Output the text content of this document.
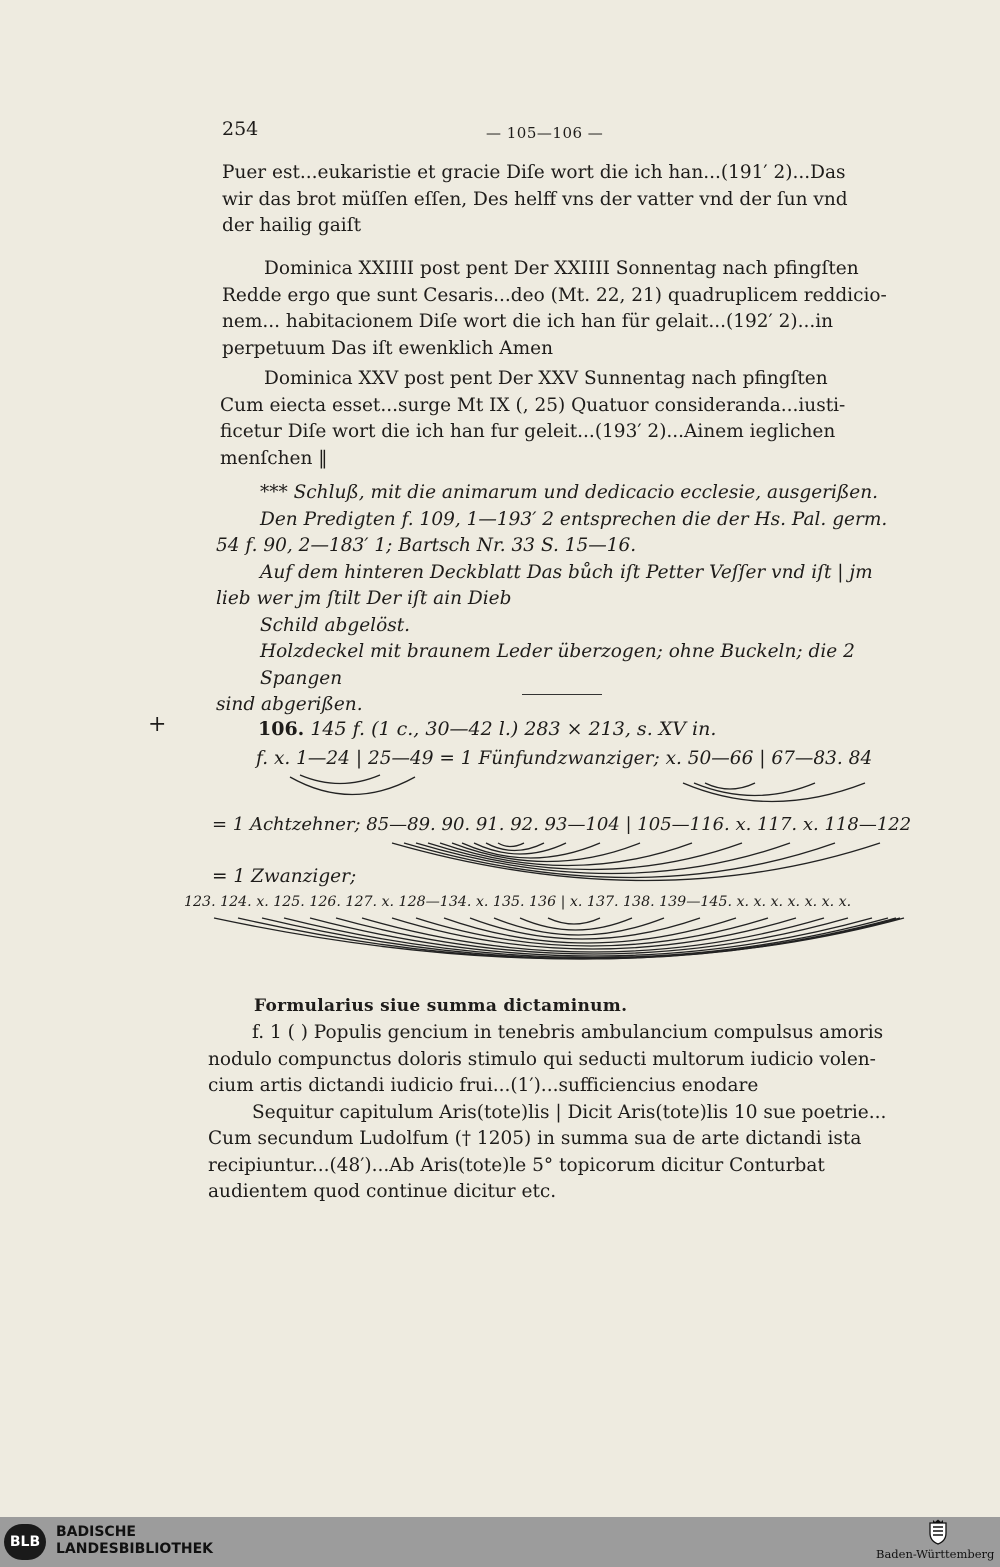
254	— 105—106 —
Puer est...eukaristie et gracie Diſe wort die ich han...(191′ 2)...Das
wir das brot müſſen eſſen, Des helff vns der vatter vnd der ſun vnd
der hailig gaiſt
Dominica XXIIII post pent Der XXIIII Sonnentag nach pfingſten
Redde ergo que sunt Cesaris...deo (Mt. 22, 21) quadruplicem reddicio-
nem... habitacionem Diſe wort die ich han für gelait...(192′ 2)...in
perpetuum Das iſt ewenklich Amen
Dominica XXV post pent Der XXV Sunnentag nach pfingſten
Cum eiecta esset...surge Mt IX (, 25) Quatuor consideranda...iusti-
ficetur Diſe wort die ich han fur geleit...(193′ 2)...Ainem ieglichen
menſchen ‖
*** Schluß, mit die animarum und dedicacio ecclesie, ausgerißen.
Den Predigten f. 109, 1—193′ 2 entsprechen die der Hs. Pal. germ.
54 f. 90, 2—183′ 1; Bartsch Nr. 33 S. 15—16.
Auf dem hinteren Deckblatt Das bůch iſt Petter Veſſer vnd iſt | jm
lieb wer jm ſtilt Der iſt ain Dieb
Schild abgelöst.
Holzdeckel mit braunem Leder überzogen; ohne Buckeln; die 2 Spangen
sind abgerißen.
+	106. 145 f. (1 c., 30—42 l.) 283 × 213, s. XV in.
f. x. 1—24 | 25—49 = 1 Fünfundzwanziger; x. 50—66 | 67—83. 84
= 1 Achtzehner; 85—89. 90. 91. 92. 93—104 | 105—116. x. 117. x. 118—122
= 1 Zwanziger;
123. 124. x. 125. 126. 127. x. 128—134. x. 135. 136 | x. 137. 138. 139—145. x. x. x. x. x. x. x.
Formularius siue summa dictaminum.
f. 1 ( ) Populis gencium in tenebris ambulancium compulsus amoris
nodulo compunctus doloris stimulo qui seducti multorum iudicio volen-
cium artis dictandi iudicio frui...(1′)...sufficiencius enodare
Sequitur capitulum Aris(tote)lis | Dicit Aris(tote)lis 10 sue poetrie...
Cum secundum Ludolfum († 1205) in summa sua de arte dictandi ista
recipiuntur...(48′)...Ab Aris(tote)le 5° topicorum dicitur Conturbat
audientem quod continue dicitur etc.
BLB
BADISCHE
LANDESBIBLIOTHEK	Baden-Württemberg
